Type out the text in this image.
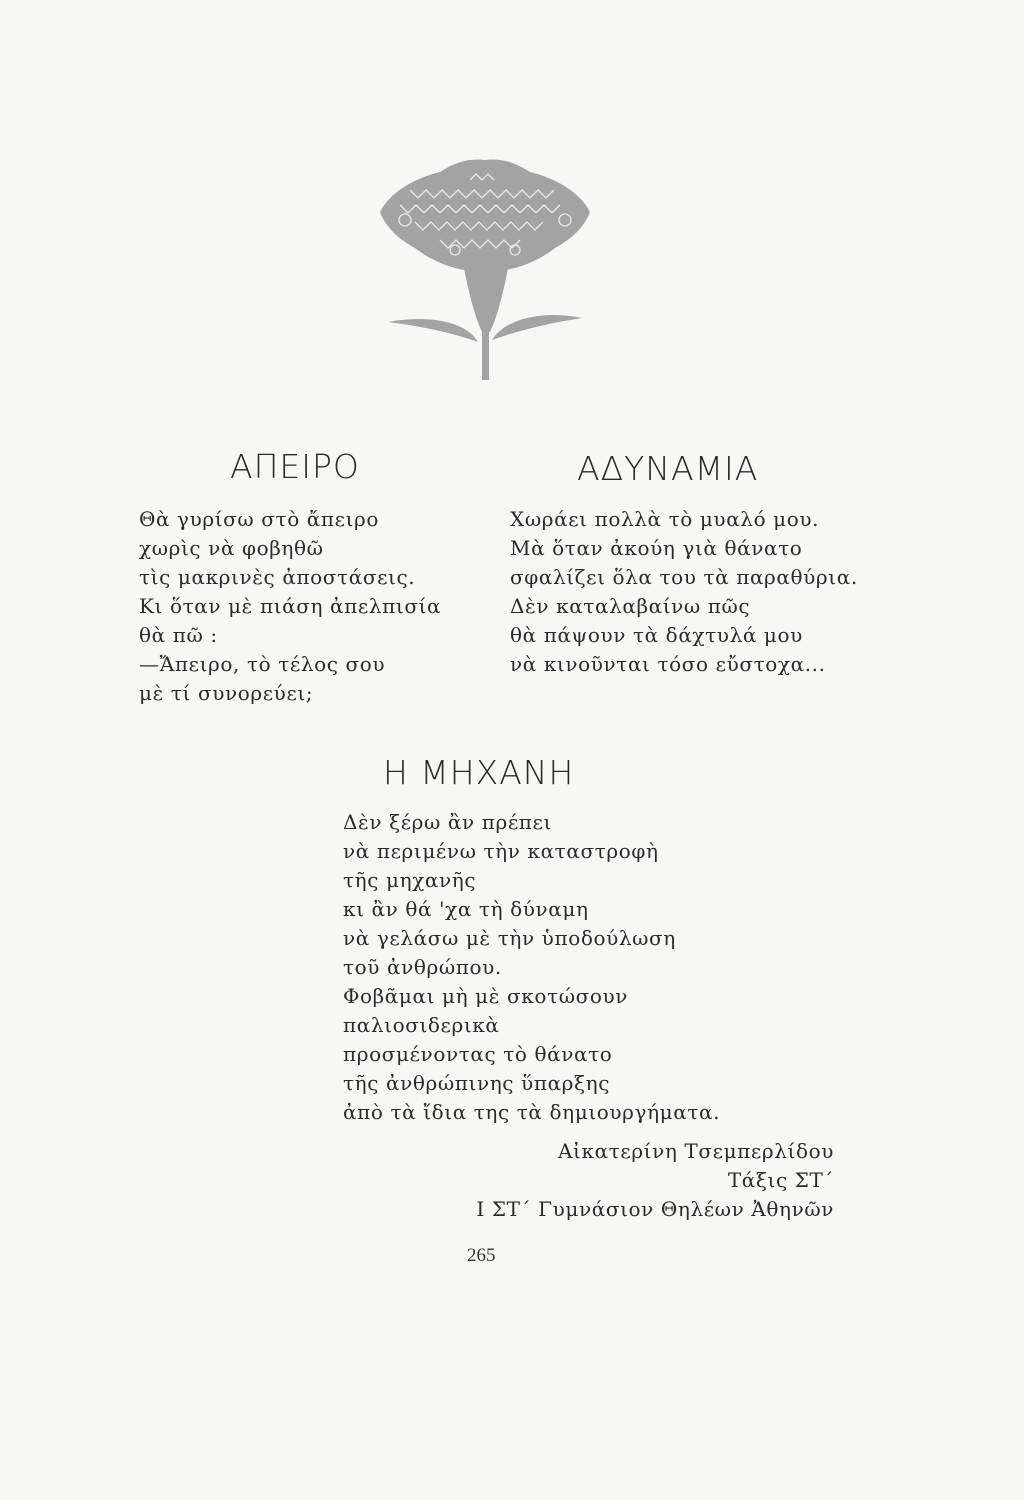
ΑΠΕΙΡΟ
Θὰ γυρίσω στὸ ἄπειρο
χωρὶς νὰ φοβηθῶ
τὶς μακρινὲς ἀποστάσεις.
Κι ὅταν μὲ πιάση ἀπελπισία
θὰ πῶ :
—Ἄπειρο, τὸ τέλος σου
μὲ τί συνορεύει;
ΑΔΥΝΑΜΙΑ
Χωράει πολλὰ τὸ μυαλό μου.
Μὰ ὅταν ἀκούη γιὰ θάνατο
σφαλίζει ὅλα του τὰ παραθύρια.
Δὲν καταλαβαίνω πῶς
θὰ πάψουν τὰ δάχτυλά μου
νὰ κινοῦνται τόσο εὔστοχα...
Η ΜΗΧΑΝΗ
Δὲν ξέρω ἂν πρέπει
νὰ περιμένω τὴν καταστροφὴ
τῆς μηχανῆς
κι ἂν θά 'χα τὴ δύναμη
νὰ γελάσω μὲ τὴν ὑποδούλωση
τοῦ ἀνθρώπου.
Φοβᾶμαι μὴ μὲ σκοτώσουν
παλιοσιδερικὰ
προσμένοντας τὸ θάνατο
τῆς ἀνθρώπινης ὕπαρξης
ἀπὸ τὰ ἴδια της τὰ δημιουργήματα.
Αἰκατερίνη Τσεμπερλίδου
Τάξις ΣΤ΄
Ι ΣΤ΄ Γυμνάσιον Θηλέων Ἀθηνῶν
265
